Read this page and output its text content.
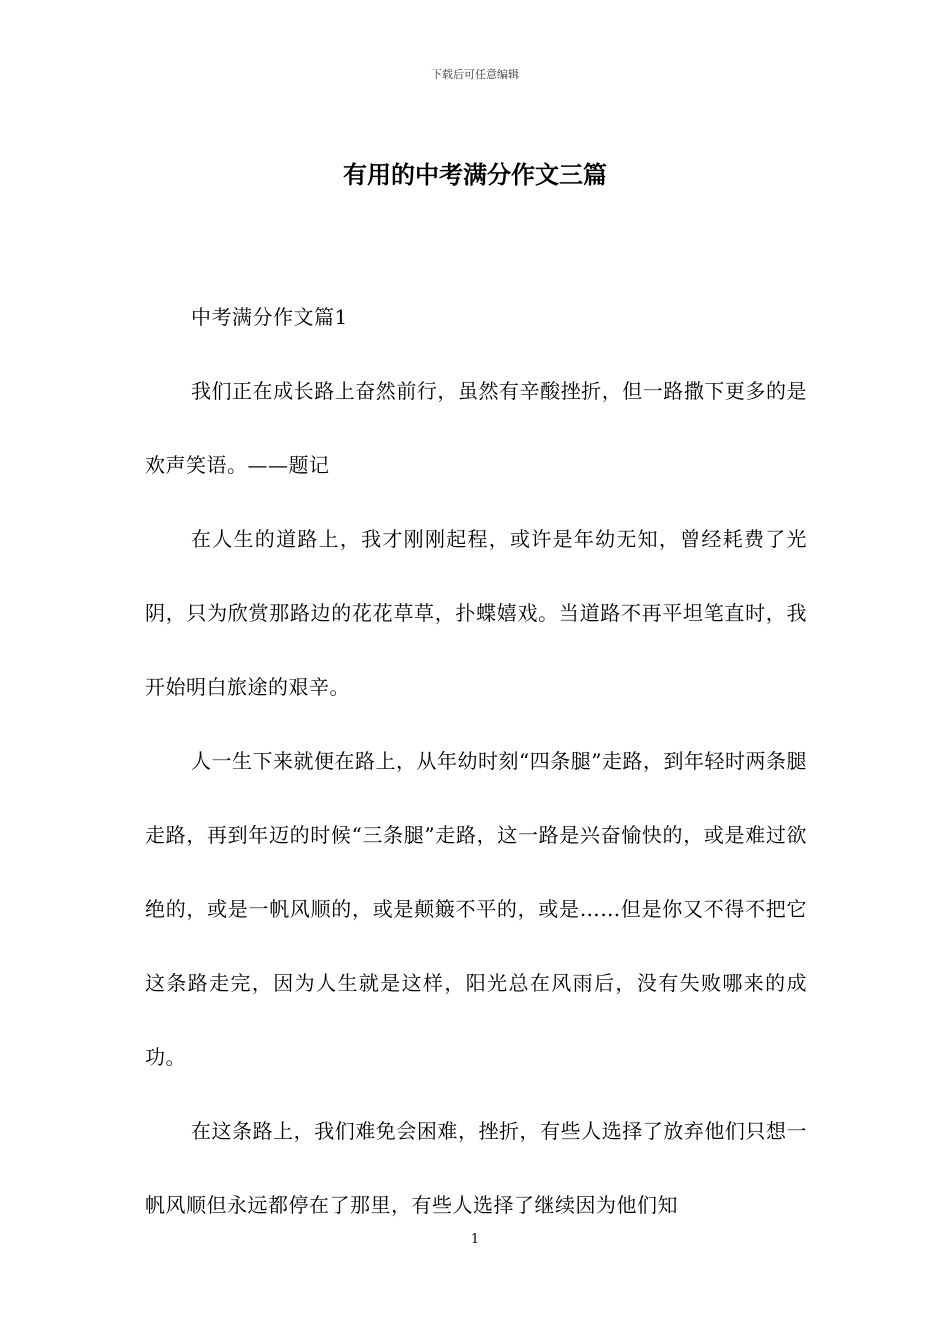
下载后可任意编辑
有用的中考满分作文三篇

中考满分作文篇1

我们正在成长路上奋然前行，虽然有辛酸挫折，但一路撒下更多的是欢声笑语。——题记

在人生的道路上，我才刚刚起程，或许是年幼无知，曾经耗费了光阴，只为欣赏那路边的花花草草，扑蝶嬉戏。当道路不再平坦笔直时，我开始明白旅途的艰辛。

人一生下来就便在路上，从年幼时刻“四条腿”走路，到年轻时两条腿走路，再到年迈的时候“三条腿”走路，这一路是兴奋愉快的，或是难过欲绝的，或是一帆风顺的，或是颠簸不平的，或是……但是你又不得不把它这条路走完，因为人生就是这样，阳光总在风雨后，没有失败哪来的成功。

在这条路上，我们难免会困难，挫折，有些人选择了放弃他们只想一帆风顺但永远都停在了那里，有些人选择了继续因为他们知

1
